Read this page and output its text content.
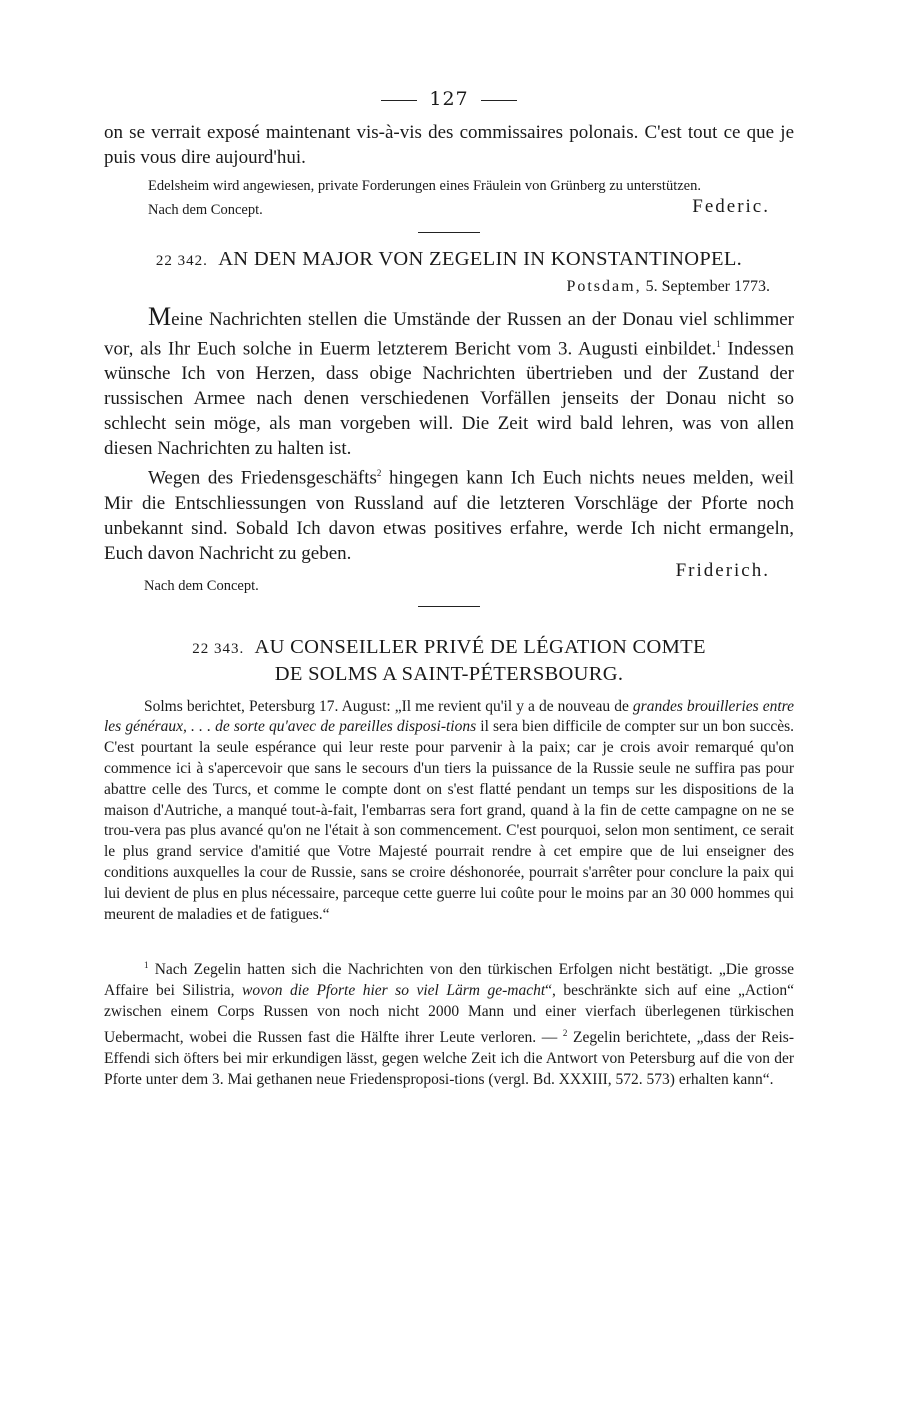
127

on se verrait exposé maintenant vis-à-vis des commissaires polonais. C'est tout ce que je puis vous dire aujourd'hui.

Edelsheim wird angewiesen, private Forderungen eines Fräulein von Grünberg zu unterstützen.

Nach dem Concept.	Federic.
22 342. AN DEN MAJOR VON ZEGELIN IN KONSTANTINOPEL.
Potsdam, 5. September 1773.

Meine Nachrichten stellen die Umstände der Russen an der Donau viel schlimmer vor, als Ihr Euch solche in Euerm letzterem Bericht vom 3. Augusti einbildet.$^1$ Indessen wünsche Ich von Herzen, dass obige Nachrichten übertrieben und der Zustand der russischen Armee nach denen verschiedenen Vorfällen jenseits der Donau nicht so schlecht sein möge, als man vorgeben will. Die Zeit wird bald lehren, was von allen diesen Nachrichten zu halten ist.

Wegen des Friedensgeschäfts$^2$ hingegen kann Ich Euch nichts neues melden, weil Mir die Entschliessungen von Russland auf die letzteren Vorschläge der Pforte noch unbekannt sind. Sobald Ich davon etwas positives erfahre, werde Ich nicht ermangeln, Euch davon Nachricht zu geben.

Nach dem Concept.
Friderich.
22 343. AU CONSEILLER PRIVÉ DE LÉGATION COMTE
DE SOLMS A SAINT-PÉTERSBOURG.

Solms berichtet, Petersburg 17. August: „Il me revient qu'il y a de nouveau de grandes brouilleries entre les généraux, . . . de sorte qu'avec de pareilles disposi-tions il sera bien difficile de compter sur un bon succès. C'est pourtant la seule espérance qui leur reste pour parvenir à la paix; car je crois avoir remarqué qu'on commence ici à s'apercevoir que sans le secours d'un tiers la puissance de la Russie seule ne suffira pas pour abattre celle des Turcs, et comme le compte dont on s'est flatté pendant un temps sur les dispositions de la maison d'Autriche, a manqué tout-à-fait, l'embarras sera fort grand, quand à la fin de cette campagne on ne se trou-vera pas plus avancé qu'on ne l'était à son commencement. C'est pourquoi, selon mon sentiment, ce serait le plus grand service d'amitié que Votre Majesté pourrait rendre à cet empire que de lui enseigner des conditions auxquelles la cour de Russie, sans se croire déshonorée, pourrait s'arrêter pour conclure la paix qui lui devient de plus en plus nécessaire, parceque cette guerre lui coûte pour le moins par an 30 000 hommes qui meurent de maladies et de fatigues.“

$^1$ Nach Zegelin hatten sich die Nachrichten von den türkischen Erfolgen nicht bestätigt. „Die grosse Affaire bei Silistria, wovon die Pforte hier so viel Lärm ge-macht“, beschränkte sich auf eine „Action“ zwischen einem Corps Russen von noch nicht 2000 Mann und einer vierfach überlegenen türkischen Uebermacht, wobei die Russen fast die Hälfte ihrer Leute verloren. — $^2$ Zegelin berichtete, „dass der Reis-Effendi sich öfters bei mir erkundigen lässt, gegen welche Zeit ich die Antwort von Petersburg auf die von der Pforte unter dem 3. Mai gethanen neue Friedensproposi-tions (vergl. Bd. XXXIII, 572. 573) erhalten kann“.
